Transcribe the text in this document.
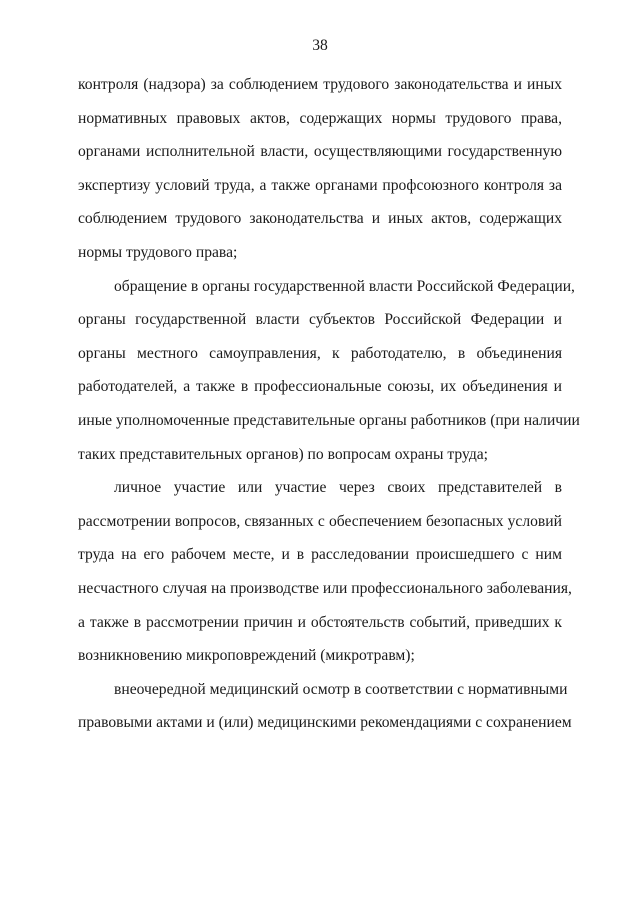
38
контроля (надзора) за соблюдением трудового законодательства и иных
нормативных правовых актов, содержащих нормы трудового права,
органами исполнительной власти, осуществляющими государственную
экспертизу условий труда, а также органами профсоюзного контроля за
соблюдением трудового законодательства и иных актов, содержащих
нормы трудового права;
обращение в органы государственной власти Российской Федерации,
органы государственной власти субъектов Российской Федерации и
органы местного самоуправления, к работодателю, в объединения
работодателей, а также в профессиональные союзы, их объединения и
иные уполномоченные представительные органы работников (при наличии
таких представительных органов) по вопросам охраны труда;
личное участие или участие через своих представителей в
рассмотрении вопросов, связанных с обеспечением безопасных условий
труда на его рабочем месте, и в расследовании происшедшего с ним
несчастного случая на производстве или профессионального заболевания,
а также в рассмотрении причин и обстоятельств событий, приведших к
возникновению микроповреждений (микротравм);
внеочередной медицинский осмотр в соответствии с нормативными
правовыми актами и (или) медицинскими рекомендациями с сохранением
